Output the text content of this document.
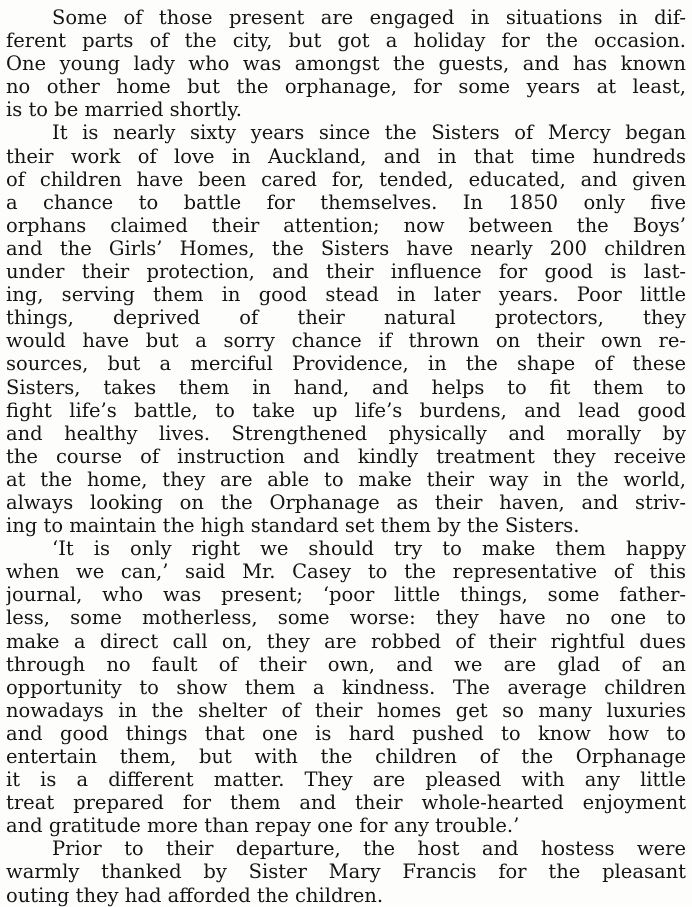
Some of those present are engaged in situations in dif-
ferent parts of the city, but got a holiday for the occasion.
One young lady who was amongst the guests, and has known
no other home but the orphanage, for some years at least,
is to be married shortly.
It is nearly sixty years since the Sisters of Mercy began
their work of love in Auckland, and in that time hundreds
of children have been cared for, tended, educated, and given
a chance to battle for themselves. In 1850 only five
orphans claimed their attention; now between the Boys’
and the Girls’ Homes, the Sisters have nearly 200 children
under their protection, and their influence for good is last-
ing, serving them in good stead in later years. Poor little
things, deprived of their natural protectors, they
would have but a sorry chance if thrown on their own re-
sources, but a merciful Providence, in the shape of these
Sisters, takes them in hand, and helps to fit them to
fight life’s battle, to take up life’s burdens, and lead good
and healthy lives. Strengthened physically and morally by
the course of instruction and kindly treatment they receive
at the home, they are able to make their way in the world,
always looking on the Orphanage as their haven, and striv-
ing to maintain the high standard set them by the Sisters.
‘It is only right we should try to make them happy
when we can,’ said Mr. Casey to the representative of this
journal, who was present; ‘poor little things, some father-
less, some motherless, some worse: they have no one to
make a direct call on, they are robbed of their rightful dues
through no fault of their own, and we are glad of an
opportunity to show them a kindness. The average children
nowadays in the shelter of their homes get so many luxuries
and good things that one is hard pushed to know how to
entertain them, but with the children of the Orphanage
it is a different matter. They are pleased with any little
treat prepared for them and their whole-hearted enjoyment
and gratitude more than repay one for any trouble.’
Prior to their departure, the host and hostess were
warmly thanked by Sister Mary Francis for the pleasant
outing they had afforded the children.
